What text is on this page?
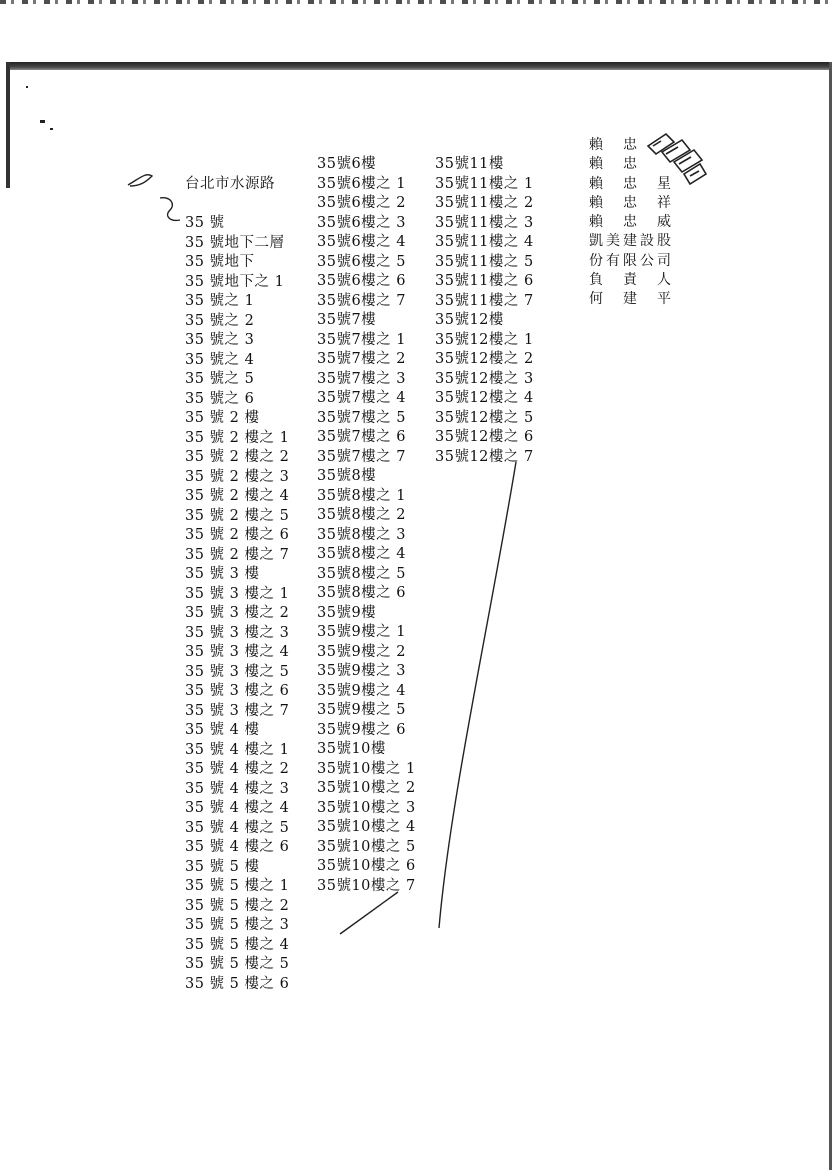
台北市水源路

35 號
35 號地下二層
35 號地下
35 號地下之 1
35 號之 1
35 號之 2
35 號之 3
35 號之 4
35 號之 5
35 號之 6
35 號 2 樓
35 號 2 樓之 1
35 號 2 樓之 2
35 號 2 樓之 3
35 號 2 樓之 4
35 號 2 樓之 5
35 號 2 樓之 6
35 號 2 樓之 7
35 號 3 樓
35 號 3 樓之 1
35 號 3 樓之 2
35 號 3 樓之 3
35 號 3 樓之 4
35 號 3 樓之 5
35 號 3 樓之 6
35 號 3 樓之 7
35 號 4 樓
35 號 4 樓之 1
35 號 4 樓之 2
35 號 4 樓之 3
35 號 4 樓之 4
35 號 4 樓之 5
35 號 4 樓之 6
35 號 5 樓
35 號 5 樓之 1
35 號 5 樓之 2
35 號 5 樓之 3
35 號 5 樓之 4
35 號 5 樓之 5
35 號 5 樓之 6
35號6樓
35號6樓之 1
35號6樓之 2
35號6樓之 3
35號6樓之 4
35號6樓之 5
35號6樓之 6
35號6樓之 7
35號7樓
35號7樓之 1
35號7樓之 2
35號7樓之 3
35號7樓之 4
35號7樓之 5
35號7樓之 6
35號7樓之 7
35號8樓
35號8樓之 1
35號8樓之 2
35號8樓之 3
35號8樓之 4
35號8樓之 5
35號8樓之 6
35號9樓
35號9樓之 1
35號9樓之 2
35號9樓之 3
35號9樓之 4
35號9樓之 5
35號9樓之 6
35號10樓
35號10樓之 1
35號10樓之 2
35號10樓之 3
35號10樓之 4
35號10樓之 5
35號10樓之 6
35號10樓之 7
35號11樓
35號11樓之 1
35號11樓之 2
35號11樓之 3
35號11樓之 4
35號11樓之 5
35號11樓之 6
35號11樓之 7
35號12樓
35號12樓之 1
35號12樓之 2
35號12樓之 3
35號12樓之 4
35號12樓之 5
35號12樓之 6
35號12樓之 7
賴　忠
賴　忠
賴　忠　星
賴　忠　祥
賴　忠　威
凱美建設股
份有限公司
負　責　人
何　建　平
